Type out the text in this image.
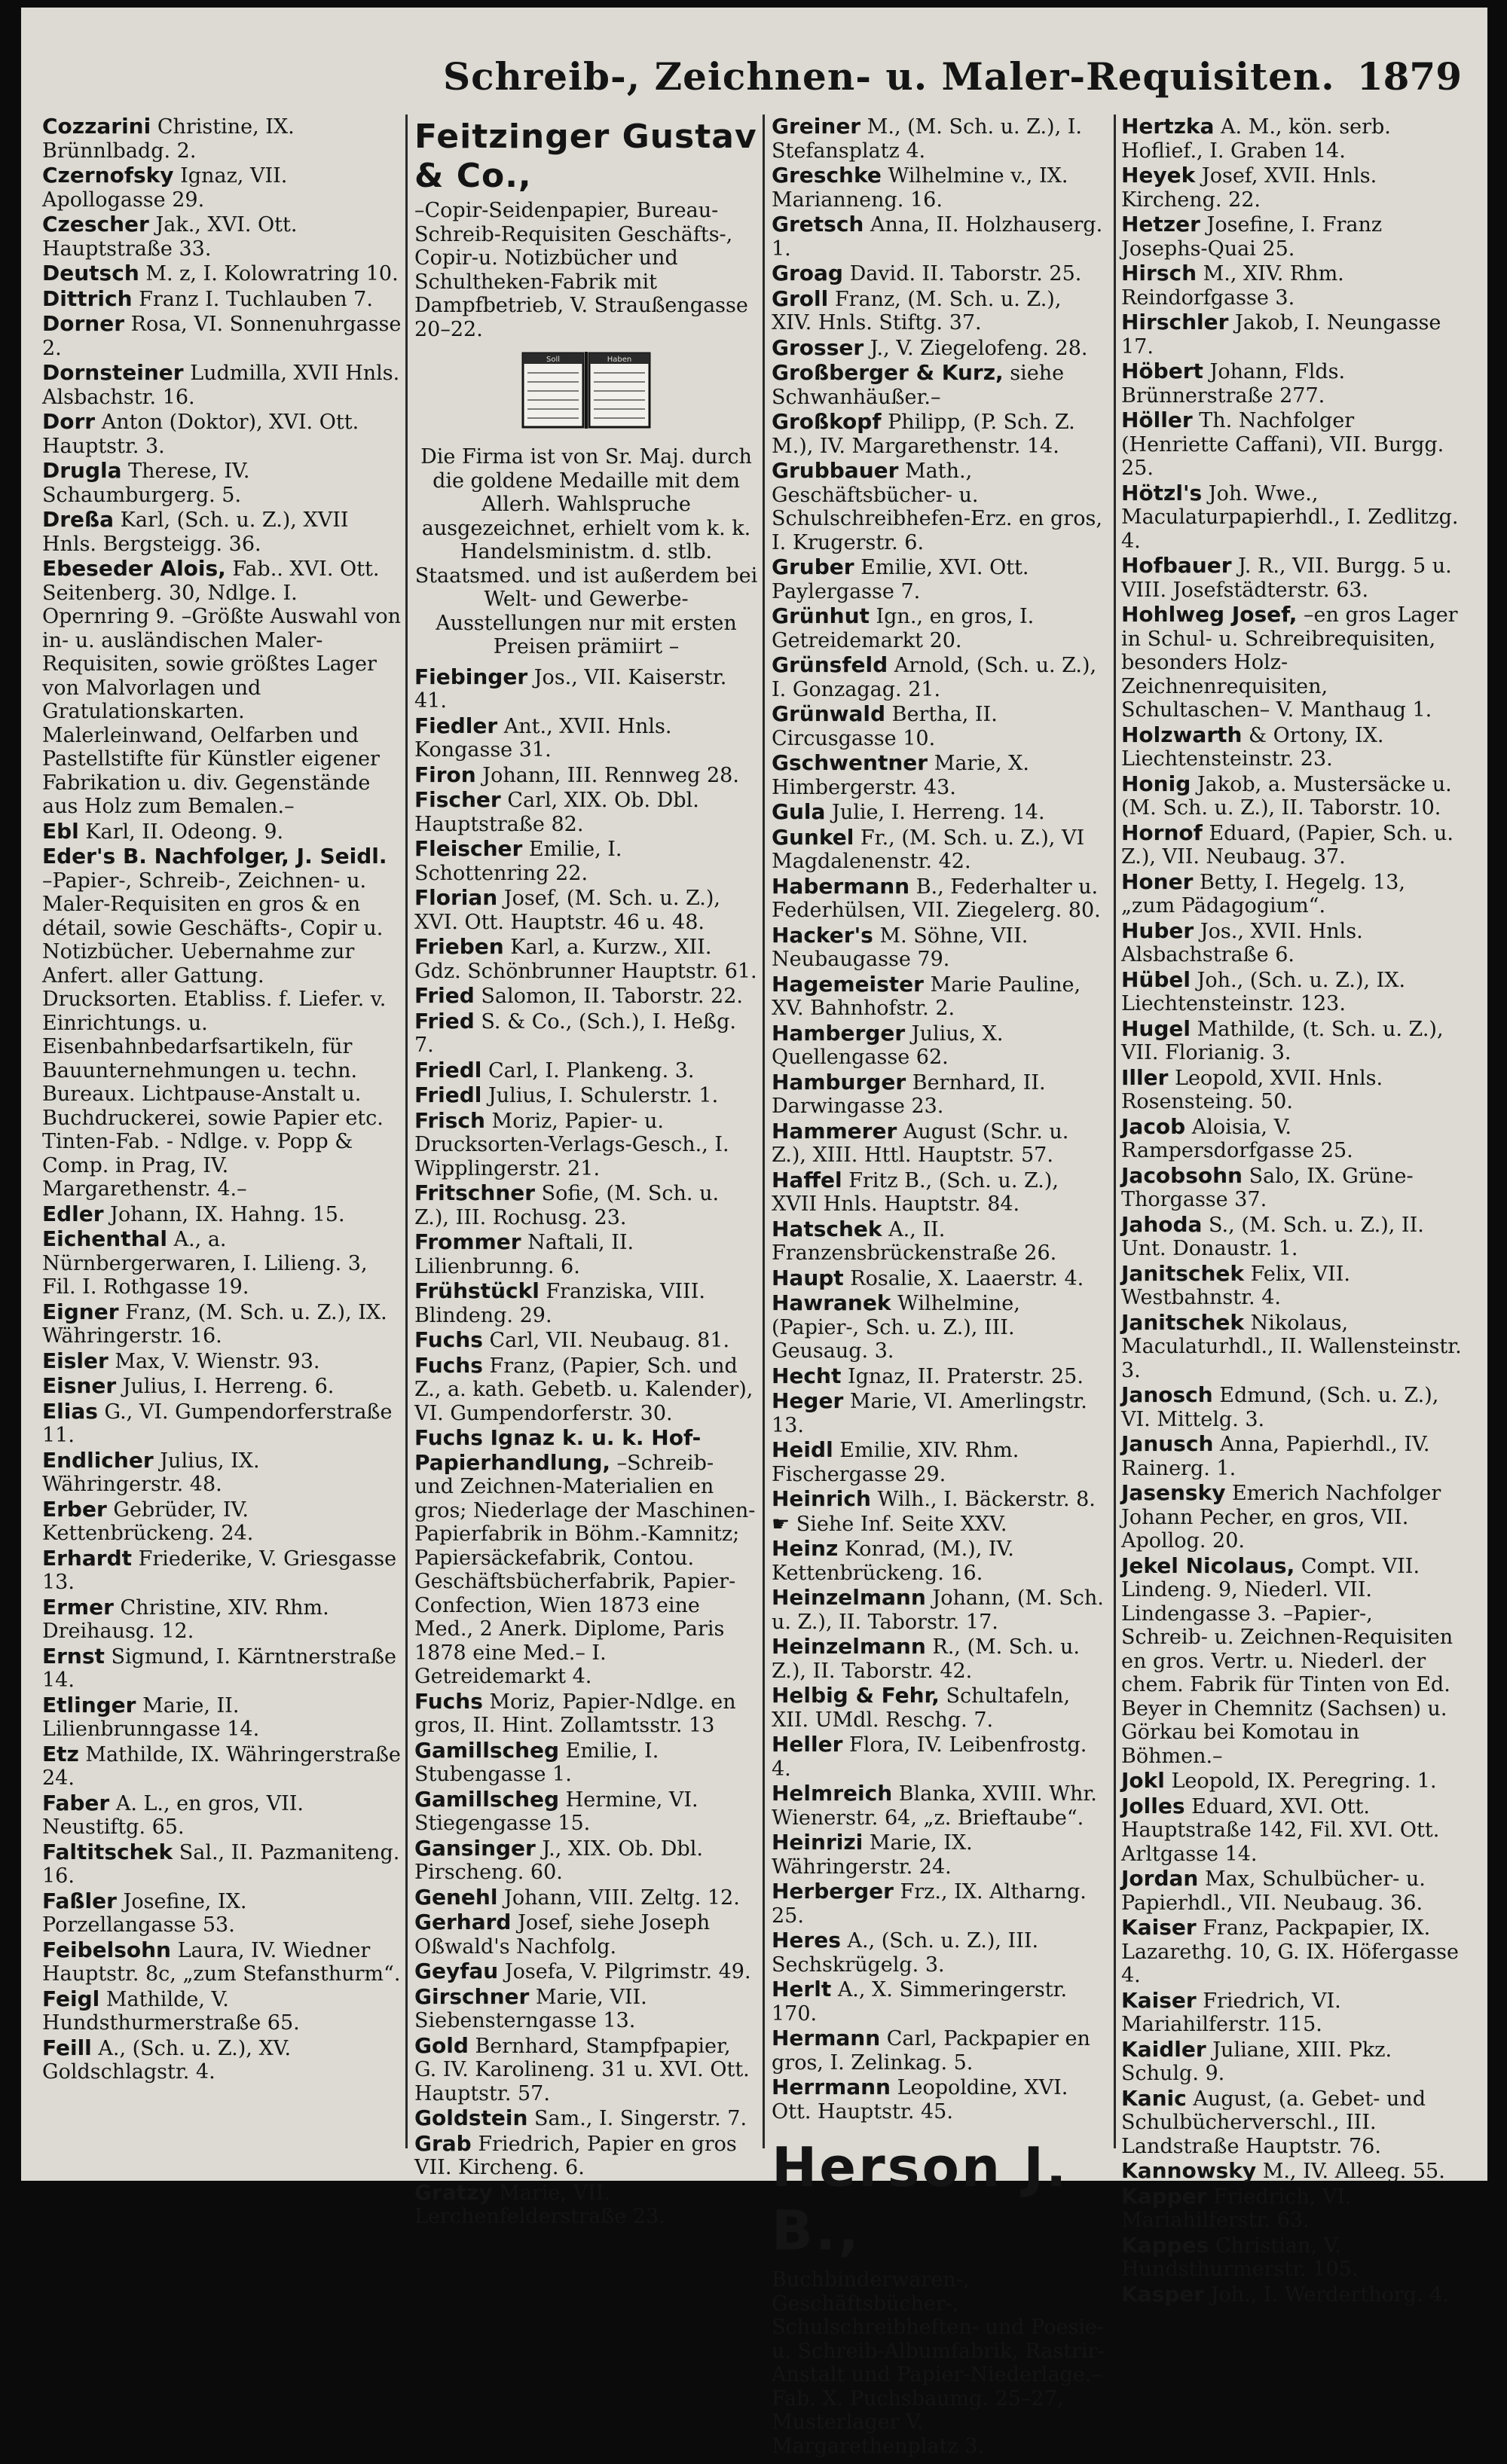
Schreib-, Zeichnen- u. Maler-Requisiten. 1879
Cozzarini Christine, IX. Brünnlbadg. 2.
Czernofsky Ignaz, VII. Apollogasse 29.
Czescher Jak., XVI. Ott. Hauptstraße 33.
Deutsch M. z, I. Kolowratring 10.
Dittrich Franz I. Tuchlauben 7.
Dorner Rosa, VI. Sonnenuhrgasse 2.
Dornsteiner Ludmilla, XVII Hnls. Alsbachstr. 16.
Dorr Anton (Doktor), XVI. Ott. Hauptstr. 3.
Drugla Therese, IV. Schaumburgerg. 5.
Dreßa Karl, (Sch. u. Z.), XVII Hnls. Bergsteigg. 36.
Ebeseder Alois, Fab.. XVI. Ott. Seitenberg. 30, Ndlge. I. Opernring 9. –Größte Auswahl von in- u. ausländischen Maler-Requisiten, sowie größtes Lager von Malvorlagen und Gratulationskarten. Malerleinwand, Oelfarben und Pastellstifte für Künstler eigener Fabrikation u. div. Gegenstände aus Holz zum Bemalen.–
Ebl Karl, II. Odeong. 9.
Eder's B. Nachfolger, J. Seidl. –Papier-, Schreib-, Zeichnen- u. Maler-Requisiten en gros & en détail, sowie Geschäfts-, Copir u. Notizbücher. Uebernahme zur Anfert. aller Gattung. Drucksorten. Etabliss. f. Liefer. v. Einrichtungs. u. Eisenbahnbedarfsartikeln, für Bauunternehmungen u. techn. Bureaux. Lichtpause-Anstalt u. Buchdruckerei, sowie Papier etc. Tinten-Fab. - Ndlge. v. Popp & Comp. in Prag, IV. Margarethenstr. 4.–
Edler Johann, IX. Hahng. 15.
Eichenthal A., a. Nürnbergerwaren, I. Lilieng. 3, Fil. I. Rothgasse 19.
Eigner Franz, (M. Sch. u. Z.), IX. Währingerstr. 16.
Eisler Max, V. Wienstr. 93.
Eisner Julius, I. Herreng. 6.
Elias G., VI. Gumpendorferstraße 11.
Endlicher Julius, IX. Währingerstr. 48.
Erber Gebrüder, IV. Kettenbrückeng. 24.
Erhardt Friederike, V. Griesgasse 13.
Ermer Christine, XIV. Rhm. Dreihausg. 12.
Ernst Sigmund, I. Kärntnerstraße 14.
Etlinger Marie, II. Lilienbrunngasse 14.
Etz Mathilde, IX. Währingerstraße 24.
Faber A. L., en gros, VII. Neustiftg. 65.
Faltitschek Sal., II. Pazmaniteng. 16.
Faßler Josefine, IX. Porzellangasse 53.
Feibelsohn Laura, IV. Wiedner Hauptstr. 8c, „zum Stefansthurm“.
Feigl Mathilde, V. Hundsthurmerstraße 65.
Feill A., (Sch. u. Z.), XV. Goldschlagstr. 4.
Feitzinger Gustav & Co.,
–Copir-Seidenpapier, Bureau-Schreib-Requisiten Geschäfts-, Copir-u. Notizbücher und Schultheken-Fabrik mit Dampfbetrieb, V. Straußengasse 20–22.
Soll	Haben
Die Firma ist von Sr. Maj. durch die goldene Medaille mit dem Allerh. Wahlspruche ausgezeichnet, erhielt vom k. k. Handelsministm. d. stlb. Staatsmed. und ist außerdem bei Welt- und Gewerbe-Ausstellungen nur mit ersten Preisen prämiirt –
Fiebinger Jos., VII. Kaiserstr. 41.
Fiedler Ant., XVII. Hnls. Kongasse 31.
Firon Johann, III. Rennweg 28.
Fischer Carl, XIX. Ob. Dbl. Hauptstraße 82.
Fleischer Emilie, I. Schottenring 22.
Florian Josef, (M. Sch. u. Z.), XVI. Ott. Hauptstr. 46 u. 48.
Frieben Karl, a. Kurzw., XII. Gdz. Schönbrunner Hauptstr. 61.
Fried Salomon, II. Taborstr. 22.
Fried S. & Co., (Sch.), I. Heßg. 7.
Friedl Carl, I. Plankeng. 3.
Friedl Julius, I. Schulerstr. 1.
Frisch Moriz, Papier- u. Drucksorten-Verlags-Gesch., I. Wipplingerstr. 21.
Fritschner Sofie, (M. Sch. u. Z.), III. Rochusg. 23.
Frommer Naftali, II. Lilienbrunng. 6.
Frühstückl Franziska, VIII. Blindeng. 29.
Fuchs Carl, VII. Neubaug. 81.
Fuchs Franz, (Papier, Sch. und Z., a. kath. Gebetb. u. Kalender), VI. Gumpendorferstr. 30.
Fuchs Ignaz k. u. k. Hof-Papierhandlung, –Schreib- und Zeichnen-Materialien en gros; Niederlage der Maschinen-Papierfabrik in Böhm.-Kamnitz; Papiersäckefabrik, Contou. Geschäftsbücherfabrik, Papier-Confection, Wien 1873 eine Med., 2 Anerk. Diplome, Paris 1878 eine Med.– I. Getreidemarkt 4.
Fuchs Moriz, Papier-Ndlge. en gros, II. Hint. Zollamtsstr. 13
Gamillscheg Emilie, I. Stubengasse 1.
Gamillscheg Hermine, VI. Stiegengasse 15.
Gansinger J., XIX. Ob. Dbl. Pirscheng. 60.
Genehl Johann, VIII. Zeltg. 12.
Gerhard Josef, siehe Joseph Oßwald's Nachfolg.
Geyfau Josefa, V. Pilgrimstr. 49.
Girschner Marie, VII. Siebensterngasse 13.
Gold Bernhard, Stampfpapier, G. IV. Karolineng. 31 u. XVI. Ott. Hauptstr. 57.
Goldstein Sam., I. Singerstr. 7.
Grab Friedrich, Papier en gros VII. Kircheng. 6.
Gratzy Marie, VII. Lerchenfelderstraße 23.
Greiner M., (M. Sch. u. Z.), I. Stefansplatz 4.
Greschke Wilhelmine v., IX. Marianneng. 16.
Gretsch Anna, II. Holzhauserg. 1.
Groag David. II. Taborstr. 25.
Groll Franz, (M. Sch. u. Z.), XIV. Hnls. Stiftg. 37.
Grosser J., V. Ziegelofeng. 28.
Großberger & Kurz, siehe Schwanhäußer.–
Großkopf Philipp, (P. Sch. Z. M.), IV. Margarethenstr. 14.
Grubbauer Math., Geschäftsbücher- u. Schulschreibhefen-Erz. en gros, I. Krugerstr. 6.
Gruber Emilie, XVI. Ott. Paylergasse 7.
Grünhut Ign., en gros, I. Getreidemarkt 20.
Grünsfeld Arnold, (Sch. u. Z.), I. Gonzagag. 21.
Grünwald Bertha, II. Circusgasse 10.
Gschwentner Marie, X. Himbergerstr. 43.
Gula Julie, I. Herreng. 14.
Gunkel Fr., (M. Sch. u. Z.), VI Magdalenenstr. 42.
Habermann B., Federhalter u. Federhülsen, VII. Ziegelerg. 80.
Hacker's M. Söhne, VII. Neubaugasse 79.
Hagemeister Marie Pauline, XV. Bahnhofstr. 2.
Hamberger Julius, X. Quellengasse 62.
Hamburger Bernhard, II. Darwingasse 23.
Hammerer August (Schr. u. Z.), XIII. Httl. Hauptstr. 57.
Haffel Fritz B., (Sch. u. Z.), XVII Hnls. Hauptstr. 84.
Hatschek A., II. Franzensbrückenstraße 26.
Haupt Rosalie, X. Laaerstr. 4.
Hawranek Wilhelmine, (Papier-, Sch. u. Z.), III. Geusaug. 3.
Hecht Ignaz, II. Praterstr. 25.
Heger Marie, VI. Amerlingstr. 13.
Heidl Emilie, XIV. Rhm. Fischergasse 29.
Heinrich Wilh., I. Bäckerstr. 8.
☛ Siehe Inf. Seite XXV.
Heinz Konrad, (M.), IV. Kettenbrückeng. 16.
Heinzelmann Johann, (M. Sch. u. Z.), II. Taborstr. 17.
Heinzelmann R., (M. Sch. u. Z.), II. Taborstr. 42.
Helbig & Fehr, Schultafeln, XII. UMdl. Reschg. 7.
Heller Flora, IV. Leibenfrostg. 4.
Helmreich Blanka, XVIII. Whr. Wienerstr. 64, „z. Brieftaube“.
Heinrizi Marie, IX. Währingerstr. 24.
Herberger Frz., IX. Altharng. 25.
Heres A., (Sch. u. Z.), III. Sechskrügelg. 3.
Herlt A., X. Simmeringerstr. 170.
Hermann Carl, Packpapier en gros, I. Zelinkag. 5.
Herrmann Leopoldine, XVI. Ott. Hauptstr. 45.
Herson J. B.,
Buchbinderwaren-, Geschäftsbücher-, Schulschreibheften- und Poesie- u. Schreib-Albumfabrik, Rastrir-Anstalt und Papier-Niederlage.– Fab. X. Puchsbaumg. 25–27, Musterlager V. Margarethenplatz 3.
Hertzka A. M., kön. serb. Hoflief., I. Graben 14.
Heyek Josef, XVII. Hnls. Kircheng. 22.
Hetzer Josefine, I. Franz Josephs-Quai 25.
Hirsch M., XIV. Rhm. Reindorfgasse 3.
Hirschler Jakob, I. Neungasse 17.
Höbert Johann, Flds. Brünnerstraße 277.
Höller Th. Nachfolger (Henriette Caffani), VII. Burgg. 25.
Hötzl's Joh. Wwe., Maculaturpapierhdl., I. Zedlitzg. 4.
Hofbauer J. R., VII. Burgg. 5 u. VIII. Josefstädterstr. 63.
Hohlweg Josef, –en gros Lager in Schul- u. Schreibrequisiten, besonders Holz-Zeichnenrequisiten, Schultaschen– V. Manthaug 1.
Holzwarth & Ortony, IX. Liechtensteinstr. 23.
Honig Jakob, a. Mustersäcke u. (M. Sch. u. Z.), II. Taborstr. 10.
Hornof Eduard, (Papier, Sch. u. Z.), VII. Neubaug. 37.
Honer Betty, I. Hegelg. 13, „zum Pädagogium“.
Huber Jos., XVII. Hnls. Alsbachstraße 6.
Hübel Joh., (Sch. u. Z.), IX. Liechtensteinstr. 123.
Hugel Mathilde, (t. Sch. u. Z.), VII. Florianig. 3.
Iller Leopold, XVII. Hnls. Rosensteing. 50.
Jacob Aloisia, V. Rampersdorfgasse 25.
Jacobsohn Salo, IX. Grüne-Thorgasse 37.
Jahoda S., (M. Sch. u. Z.), II. Unt. Donaustr. 1.
Janitschek Felix, VII. Westbahnstr. 4.
Janitschek Nikolaus, Maculaturhdl., II. Wallensteinstr. 3.
Janosch Edmund, (Sch. u. Z.), VI. Mittelg. 3.
Janusch Anna, Papierhdl., IV. Rainerg. 1.
Jasensky Emerich Nachfolger Johann Pecher, en gros, VII. Apollog. 20.
Jekel Nicolaus, Compt. VII. Lindeng. 9, Niederl. VII. Lindengasse 3. –Papier-, Schreib- u. Zeichnen-Requisiten en gros. Vertr. u. Niederl. der chem. Fabrik für Tinten von Ed. Beyer in Chemnitz (Sachsen) u. Görkau bei Komotau in Böhmen.–
Jokl Leopold, IX. Peregring. 1.
Jolles Eduard, XVI. Ott. Hauptstraße 142, Fil. XVI. Ott. Arltgasse 14.
Jordan Max, Schulbücher- u. Papierhdl., VII. Neubaug. 36.
Kaiser Franz, Packpapier, IX. Lazarethg. 10, G. IX. Höfergasse 4.
Kaiser Friedrich, VI. Mariahilferstr. 115.
Kaidler Juliane, XIII. Pkz. Schulg. 9.
Kanic August, (a. Gebet- und Schulbücherverschl., III. Landstraße Hauptstr. 76.
Kannowsky M., IV. Alleeg. 55.
Kapper Friedrich, VI. Mariahilferstr. 63.
Kappes Christian, V. Hundsthurmerstr. 105.
Kasper Joh., I. Werderthorg. 4.
